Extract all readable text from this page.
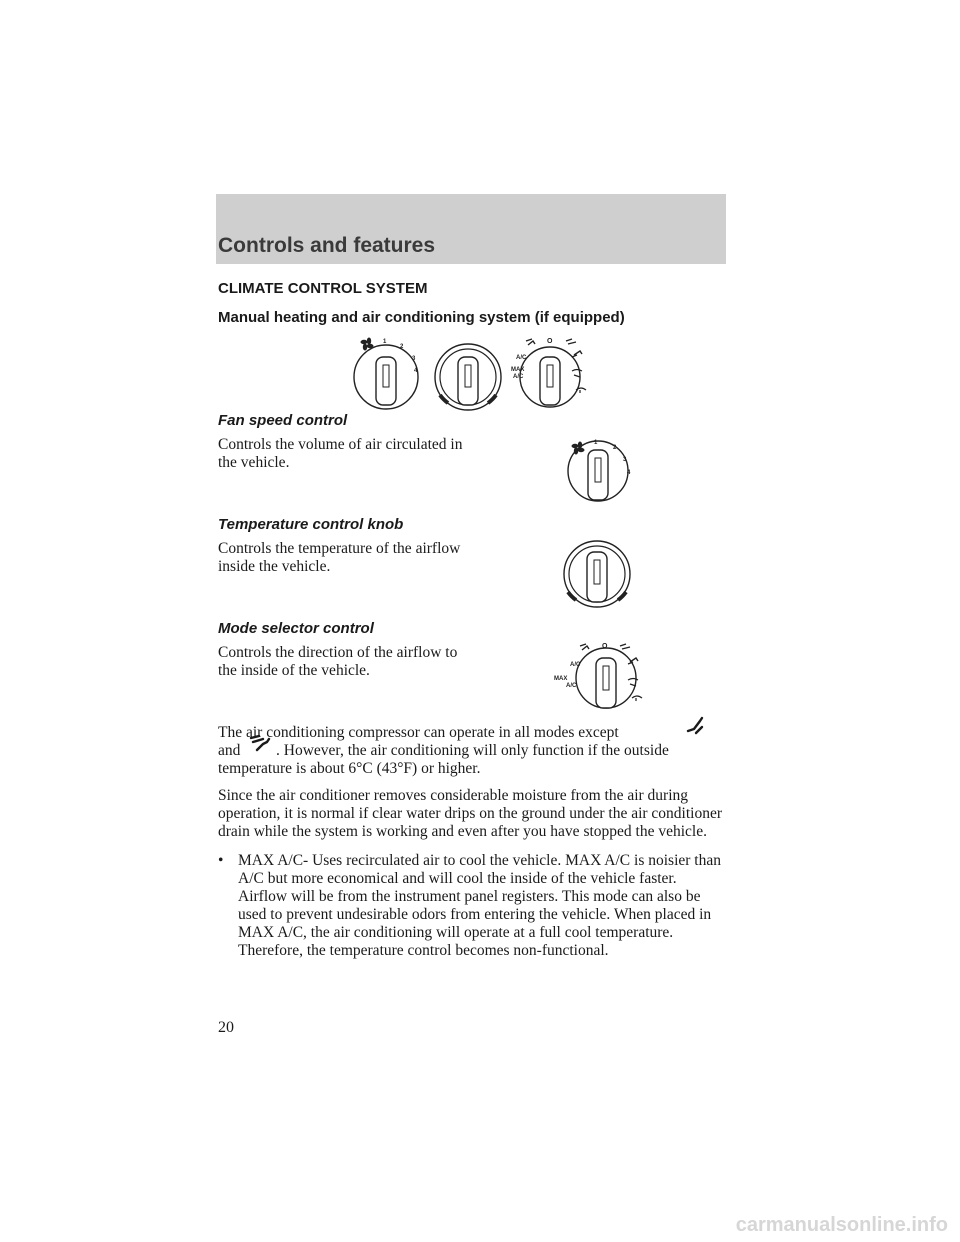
Controls and features
CLIMATE CONTROL SYSTEM
Manual heating and air conditioning system (if equipped)
1
2
3
4
O
A/C
MAX
A/C
Fan speed control

Controls the volume of air circulated in the vehicle.

1
2
3
4
Temperature control knob

Controls the temperature of the airflow inside the vehicle.

Mode selector control

Controls the direction of the airflow to the inside of the vehicle.

O
A/C
MAX
A/C

The air conditioning compressor can operate in all modes except

and . However, the air conditioning will only function if the outside

temperature is about 6°C (43°F) or higher.

Since the air conditioner removes considerable moisture from the air during operation, it is normal if clear water drips on the ground under the air conditioner drain while the system is working and even after you have stopped the vehicle.

• MAX A/C- Uses recirculated air to cool the vehicle. MAX A/C is noisier than A/C but more economical and will cool the inside of the vehicle faster. Airflow will be from the instrument panel registers. This mode can also be used to prevent undesirable odors from entering the vehicle. When placed in MAX A/C, the air conditioning will operate at a full cool temperature. Therefore, the temperature control becomes non-functional.

20

carmanualsonline.info
